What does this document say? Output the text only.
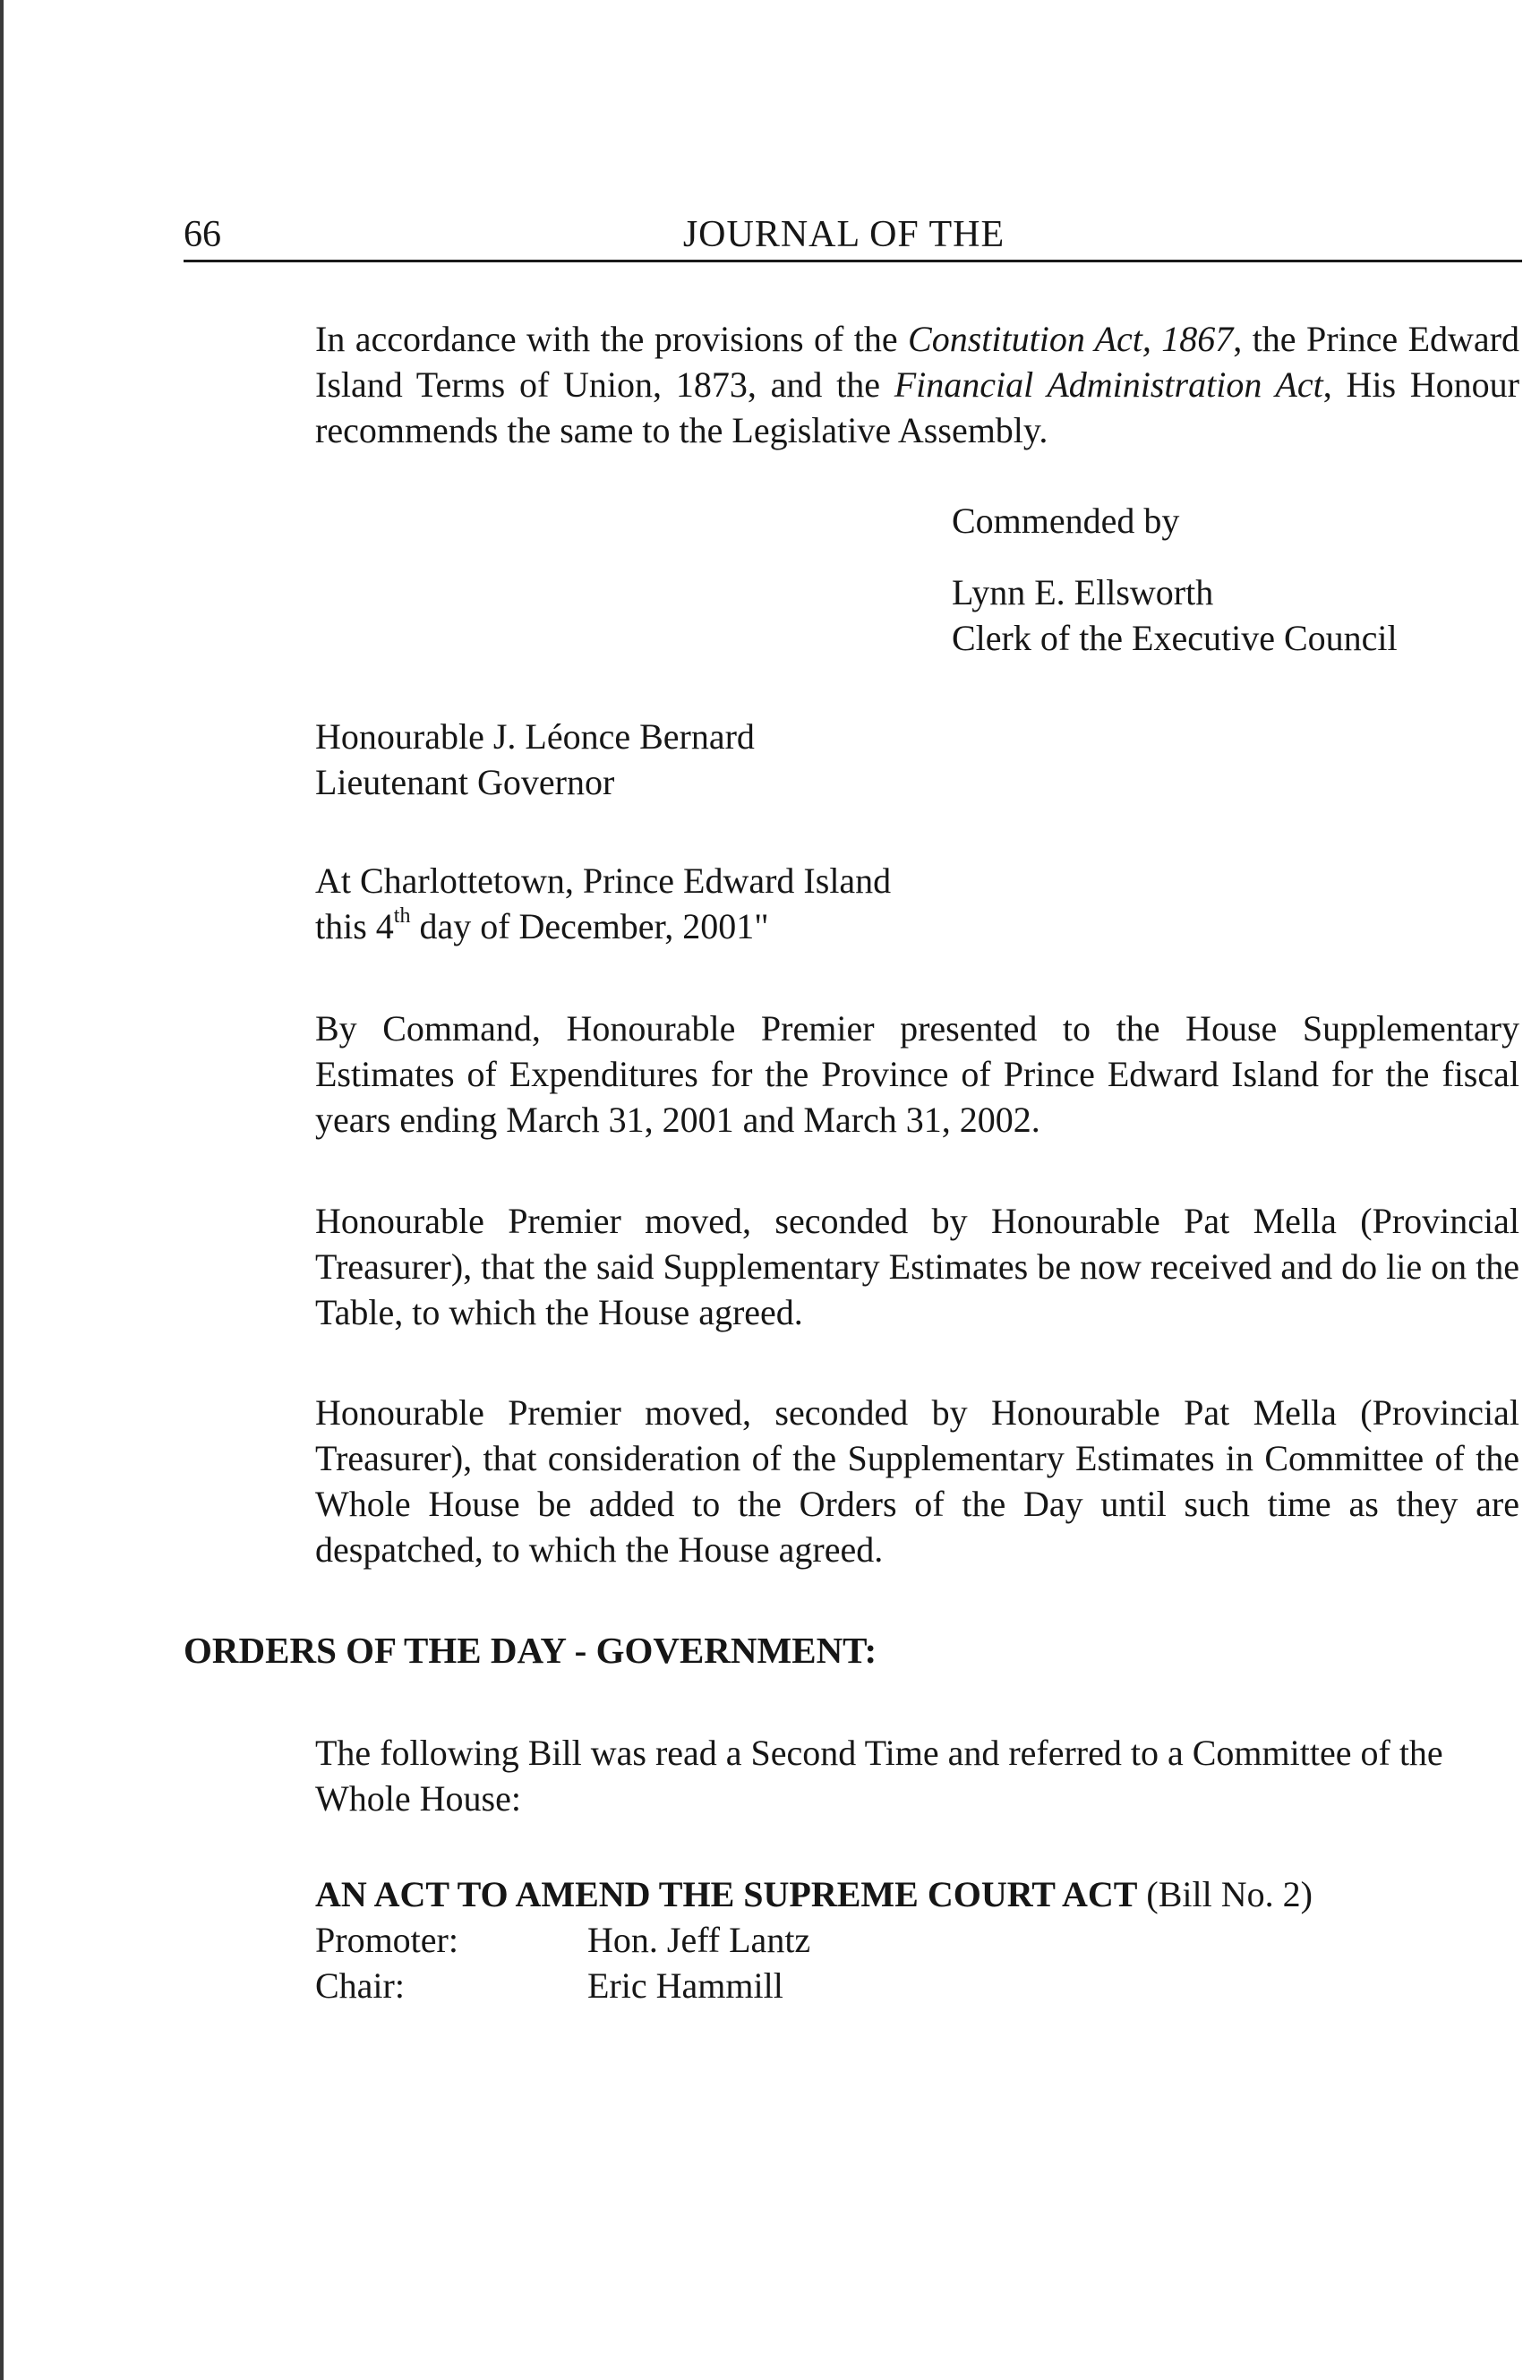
66	JOURNAL OF THE
In accordance with the provisions of the Constitution Act, 1867, the Prince Edward Island Terms of Union, 1873, and the Financial Administration Act, His Honour recommends the same to the Legislative Assembly.
Commended by
Lynn E. Ellsworth
Clerk of the Executive Council
Honourable J. Léonce Bernard
Lieutenant Governor
At Charlottetown, Prince Edward Island
this 4th day of December, 2001"
By Command, Honourable Premier presented to the House Supplementary Estimates of Expenditures for the Province of Prince Edward Island for the fiscal years ending March 31, 2001 and March 31, 2002.
Honourable Premier moved, seconded by Honourable Pat Mella (Provincial Treasurer), that the said Supplementary Estimates be now received and do lie on the Table, to which the House agreed.
Honourable Premier moved, seconded by Honourable Pat Mella (Provincial Treasurer), that consideration of the Supplementary Estimates in Committee of the Whole House be added to the Orders of the Day until such time as they are despatched, to which the House agreed.
ORDERS OF THE DAY - GOVERNMENT:
The following Bill was read a Second Time and referred to a Committee of the Whole House:
AN ACT TO AMEND THE SUPREME COURT ACT (Bill No. 2)
Promoter:	Hon. Jeff Lantz
Chair:	Eric Hammill
